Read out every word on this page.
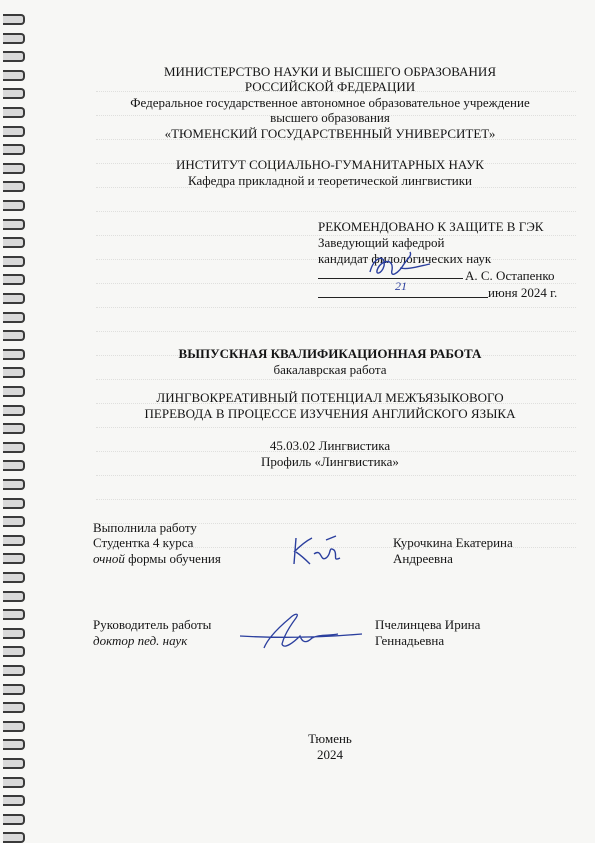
МИНИСТЕРСТВО НАУКИ И ВЫСШЕГО ОБРАЗОВАНИЯ
РОССИЙСКОЙ ФЕДЕРАЦИИ
Федеральное государственное автономное образовательное учреждение
высшего образования
«ТЮМЕНСКИЙ ГОСУДАРСТВЕННЫЙ УНИВЕРСИТЕТ»
ИНСТИТУТ СОЦИАЛЬНО-ГУМАНИТАРНЫХ НАУК
Кафедра прикладной и теоретической лингвистики
РЕКОМЕНДОВАНО К ЗАЩИТЕ В ГЭК
Заведующий кафедрой
кандидат филологических наук
А. С. Остапенко
21	июня 2024 г.
ВЫПУСКНАЯ КВАЛИФИКАЦИОННАЯ РАБОТА
бакалаврская работа
ЛИНГВОКРЕАТИВНЫЙ ПОТЕНЦИАЛ МЕЖЪЯЗЫКОВОГО
ПЕРЕВОДА В ПРОЦЕССЕ ИЗУЧЕНИЯ АНГЛИЙСКОГО ЯЗЫКА
45.03.02 Лингвистика
Профиль «Лингвистика»
Выполнила работу
Студентка 4 курса
очной формы обучения
Курочкина Екатерина
Андреевна
Руководитель работы
доктор пед. наук
Пчелинцева Ирина
Геннадьевна
Тюмень
2024
